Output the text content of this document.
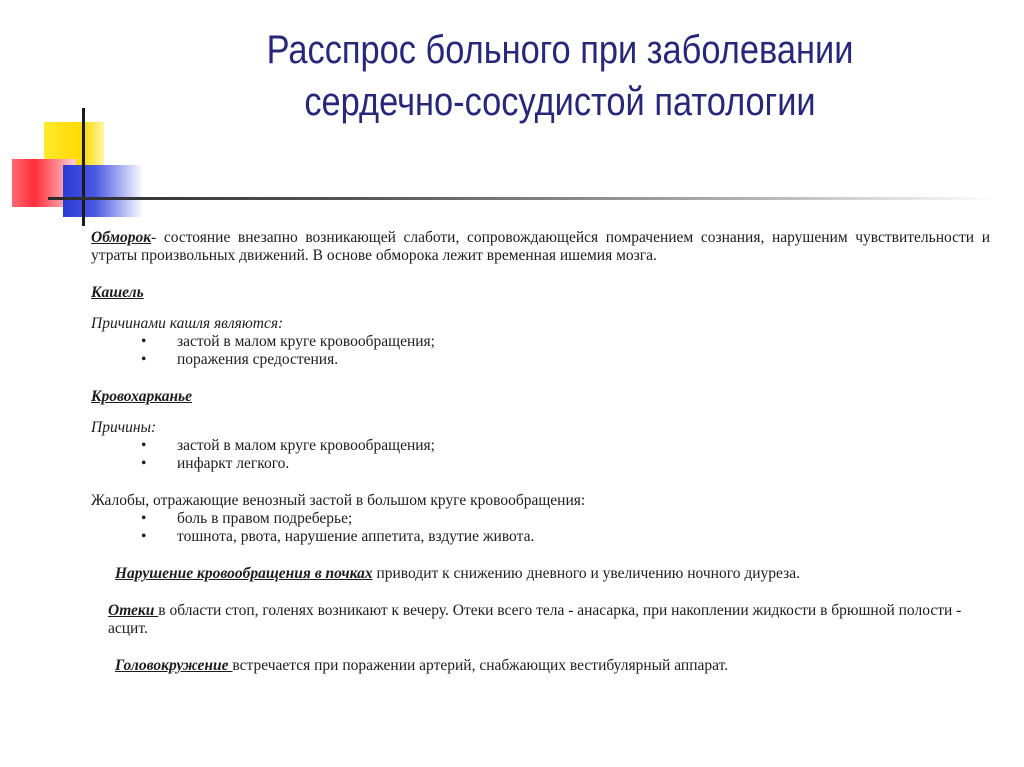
Расспрос больного при заболевании
сердечно-сосудистой патологии

Обморок- состояние внезапно возникающей слаботи, сопровождающейся помрачением сознания, нарушеним чувствительности и утраты произвольных движений. В основе обморока лежит временная ишемия мозга.

Кашель

Причинами кашля являются:

• застой в малом круге кровообращения;
• поражения средостения.

Кровохарканье

Причины:

• застой в малом круге кровообращения;
• инфаркт легкого.

Жалобы, отражающие венозный застой в большом круге кровообращения:

• боль в правом подреберье;
• тошнота, рвота, нарушение аппетита, вздутие живота.

Нарушение кровообращения в почках приводит к снижению дневного и увеличению ночного диуреза.

Отеки в области стоп, голенях возникают к вечеру. Отеки всего тела - анасарка, при накоплении жидкости в брюшной полости - асцит.

Головокружение встречается при поражении артерий, снабжающих вестибулярный аппарат.
